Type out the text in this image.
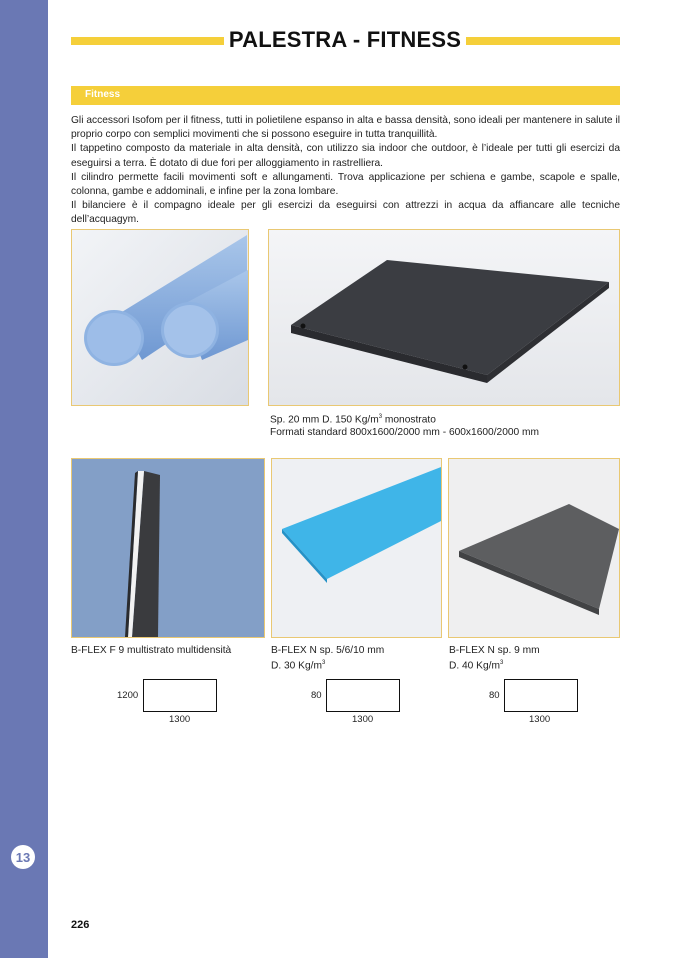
13
PALESTRA - FITNESS
Fitness

Gli accessori Isofom per il fitness, tutti in polietilene espanso in alta e bassa densità, sono ideali per mantenere in salute il proprio corpo con semplici movimenti che si possono eseguire in tutta tranquillità.

Il tappetino composto da materiale in alta densità, con utilizzo sia indoor che outdoor, è l’ideale per tutti gli esercizi da eseguirsi a terra. È dotato di due fori per alloggiamento in rastrelliera.

Il cilindro permette facili movimenti soft e allungamenti. Trova applicazione per schiena e gambe, scapole e spalle, colonna, gambe e addominali, e infine per la zona lombare.

Il bilanciere è il compagno ideale per gli esercizi da eseguirsi con attrezzi in acqua da affiancare alle tecniche dell’acquagym.

Sp. 20 mm D. 150 $Kg/m^3$ monostrato
Formati standard 800x1600/2000 mm - 600x1600/2000 mm
B-FLEX F 9 multistrato multidensità	B-FLEX N sp. 5/6/10 mm
D. 30 $Kg/m^3$
B-FLEX N sp. 9 mm
D. 40 $Kg/m^3$
1200
1300
80
1300
80
1300
226
